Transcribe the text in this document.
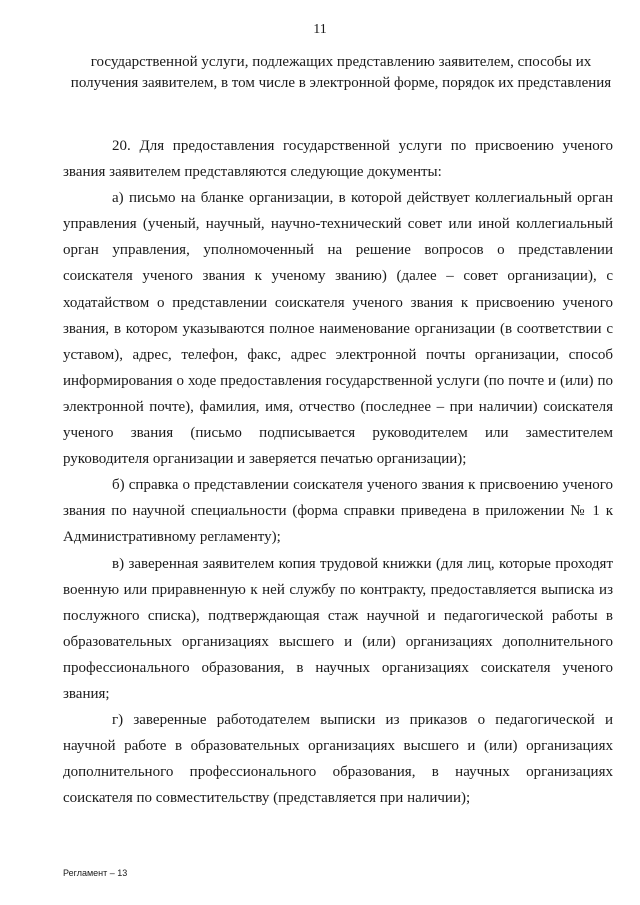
11
государственной услуги, подлежащих представлению заявителем, способы их получения заявителем, в том числе в электронной форме, порядок их представления

20. Для предоставления государственной услуги по присвоению ученого звания заявителем представляются следующие документы:

а) письмо на бланке организации, в которой действует коллегиальный орган управления (ученый, научный, научно-технический совет или иной коллегиальный орган управления, уполномоченный на решение вопросов о представлении соискателя ученого звания к ученому званию) (далее – совет организации), с ходатайством о представлении соискателя ученого звания к присвоению ученого звания, в котором указываются полное наименование организации (в соответствии с уставом), адрес, телефон, факс, адрес электронной почты организации, способ информирования о ходе предоставления государственной услуги (по почте и (или) по электронной почте), фамилия, имя, отчество (последнее – при наличии) соискателя ученого звания (письмо подписывается руководителем или заместителем руководителя организации и заверяется печатью организации);

б) справка о представлении соискателя ученого звания к присвоению ученого звания по научной специальности (форма справки приведена в приложении № 1 к Административному регламенту);

в) заверенная заявителем копия трудовой книжки (для лиц, которые проходят военную или приравненную к ней службу по контракту, предоставляется выписка из послужного списка), подтверждающая стаж научной и педагогической работы в образовательных организациях высшего и (или) организациях дополнительного профессионального образования, в научных организациях соискателя ученого звания;

г) заверенные работодателем выписки из приказов о педагогической и научной работе в образовательных организациях высшего и (или) организациях дополнительного профессионального образования, в научных организациях соискателя по совместительству (представляется при наличии);

Регламент – 13
